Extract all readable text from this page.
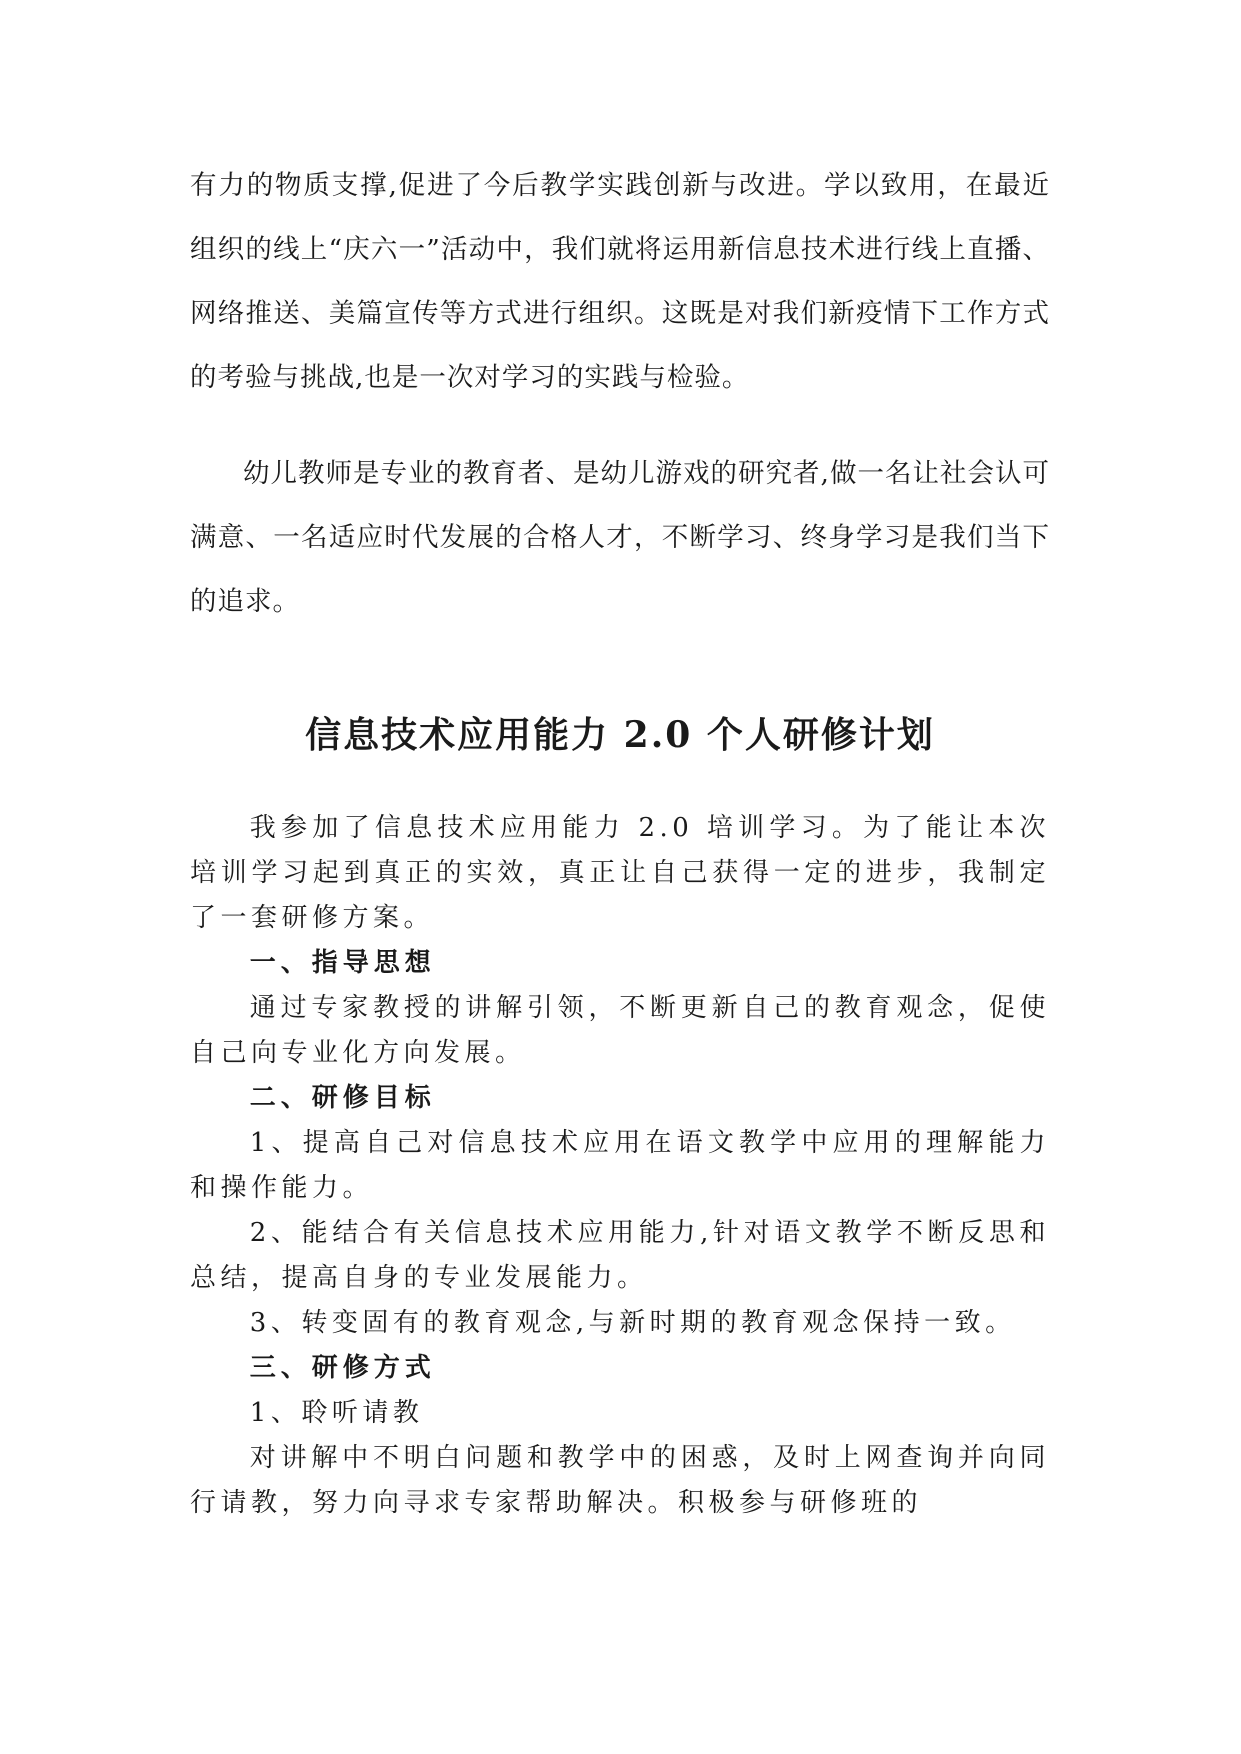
有力的物质支撑,促进了今后教学实践创新与改进。学以致用，在最近组织的线上“庆六一”活动中，我们就将运用新信息技术进行线上直播、网络推送、美篇宣传等方式进行组织。这既是对我们新疫情下工作方式的考验与挑战,也是一次对学习的实践与检验。

幼儿教师是专业的教育者、是幼儿游戏的研究者,做一名让社会认可满意、一名适应时代发展的合格人才，不断学习、终身学习是我们当下的追求。

信息技术应用能力 2.0 个人研修计划

我参加了信息技术应用能力 2.0 培训学习。为了能让本次培训学习起到真正的实效，真正让自己获得一定的进步，我制定了一套研修方案。

一、指导思想

通过专家教授的讲解引领，不断更新自己的教育观念，促使自己向专业化方向发展。

二、研修目标

1、提高自己对信息技术应用在语文教学中应用的理解能力和操作能力。

2、能结合有关信息技术应用能力,针对语文教学不断反思和总结，提高自身的专业发展能力。

3、转变固有的教育观念,与新时期的教育观念保持一致。

三、研修方式

1、聆听请教

对讲解中不明白问题和教学中的困惑，及时上网查询并向同行请教，努力向寻求专家帮助解决。积极参与研修班的
